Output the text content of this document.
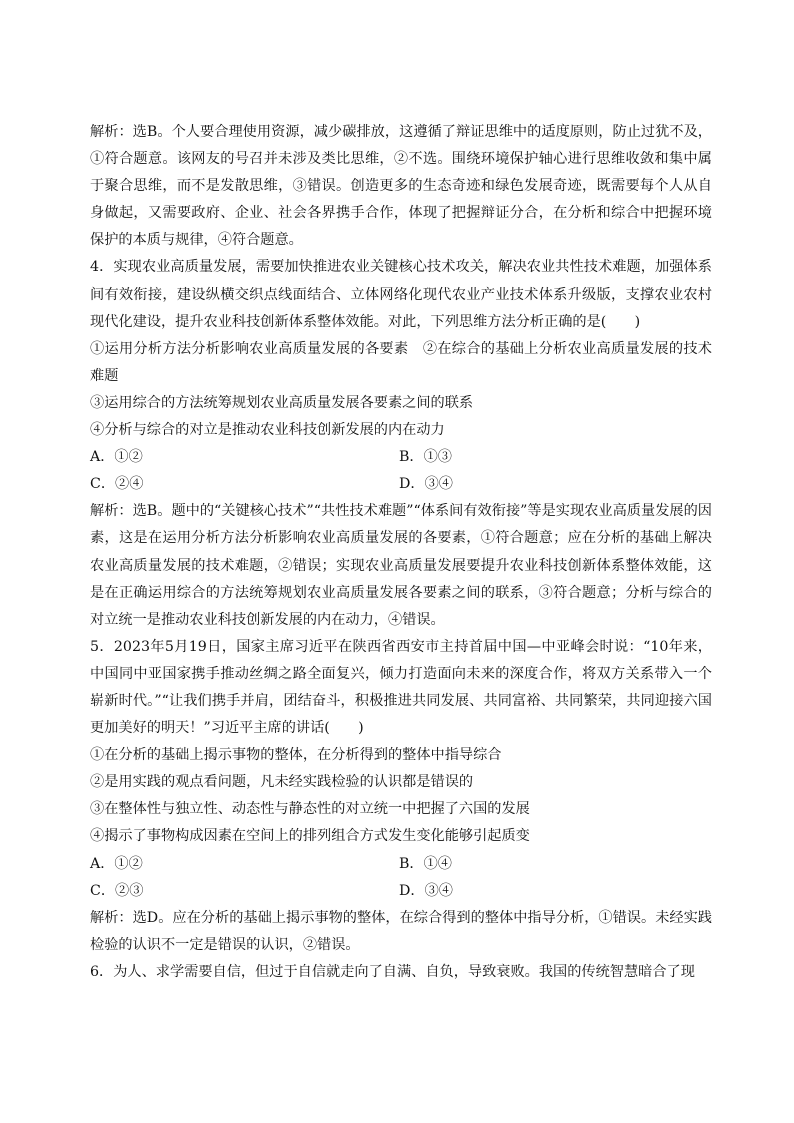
解析：选B。个人要合理使用资源，减少碳排放，这遵循了辩证思维中的适度原则，防止过犹不及，①符合题意。该网友的号召并未涉及类比思维，②不选。围绕环境保护轴心进行思维收敛和集中属于聚合思维，而不是发散思维，③错误。创造更多的生态奇迹和绿色发展奇迹，既需要每个人从自身做起，又需要政府、企业、社会各界携手合作，体现了把握辩证分合，在分析和综合中把握环境保护的本质与规律，④符合题意。

4．实现农业高质量发展，需要加快推进农业关键核心技术攻关，解决农业共性技术难题，加强体系间有效衔接，建设纵横交织点线面结合、立体网络化现代农业产业技术体系升级版，支撑农业农村现代化建设，提升农业科技创新体系整体效能。对此，下列思维方法分析正确的是(　　)

①运用分析方法分析影响农业高质量发展的各要素　②在综合的基础上分析农业高质量发展的技术难题

③运用综合的方法统筹规划农业高质量发展各要素之间的联系

④分析与综合的对立是推动农业科技创新发展的内在动力

A．①②	B．①③
C．②④	D．③④

解析：选B。题中的“关键核心技术”“共性技术难题”“体系间有效衔接”等是实现农业高质量发展的因素，这是在运用分析方法分析影响农业高质量发展的各要素，①符合题意；应在分析的基础上解决农业高质量发展的技术难题，②错误；实现农业高质量发展要提升农业科技创新体系整体效能，这是在正确运用综合的方法统筹规划农业高质量发展各要素之间的联系，③符合题意；分析与综合的对立统一是推动农业科技创新发展的内在动力，④错误。

5．2023年5月19日，国家主席习近平在陕西省西安市主持首届中国—中亚峰会时说：“10年来，中国同中亚国家携手推动丝绸之路全面复兴，倾力打造面向未来的深度合作，将双方关系带入一个崭新时代。”“让我们携手并肩，团结奋斗，积极推进共同发展、共同富裕、共同繁荣，共同迎接六国更加美好的明天！”习近平主席的讲话(　　)

①在分析的基础上揭示事物的整体，在分析得到的整体中指导综合

②是用实践的观点看问题，凡未经实践检验的认识都是错误的

③在整体性与独立性、动态性与静态性的对立统一中把握了六国的发展

④揭示了事物构成因素在空间上的排列组合方式发生变化能够引起质变

A．①②	B．①④
C．②③	D．③④

解析：选D。应在分析的基础上揭示事物的整体，在综合得到的整体中指导分析，①错误。未经实践检验的认识不一定是错误的认识，②错误。

6．为人、求学需要自信，但过于自信就走向了自满、自负，导致衰败。我国的传统智慧暗合了现
